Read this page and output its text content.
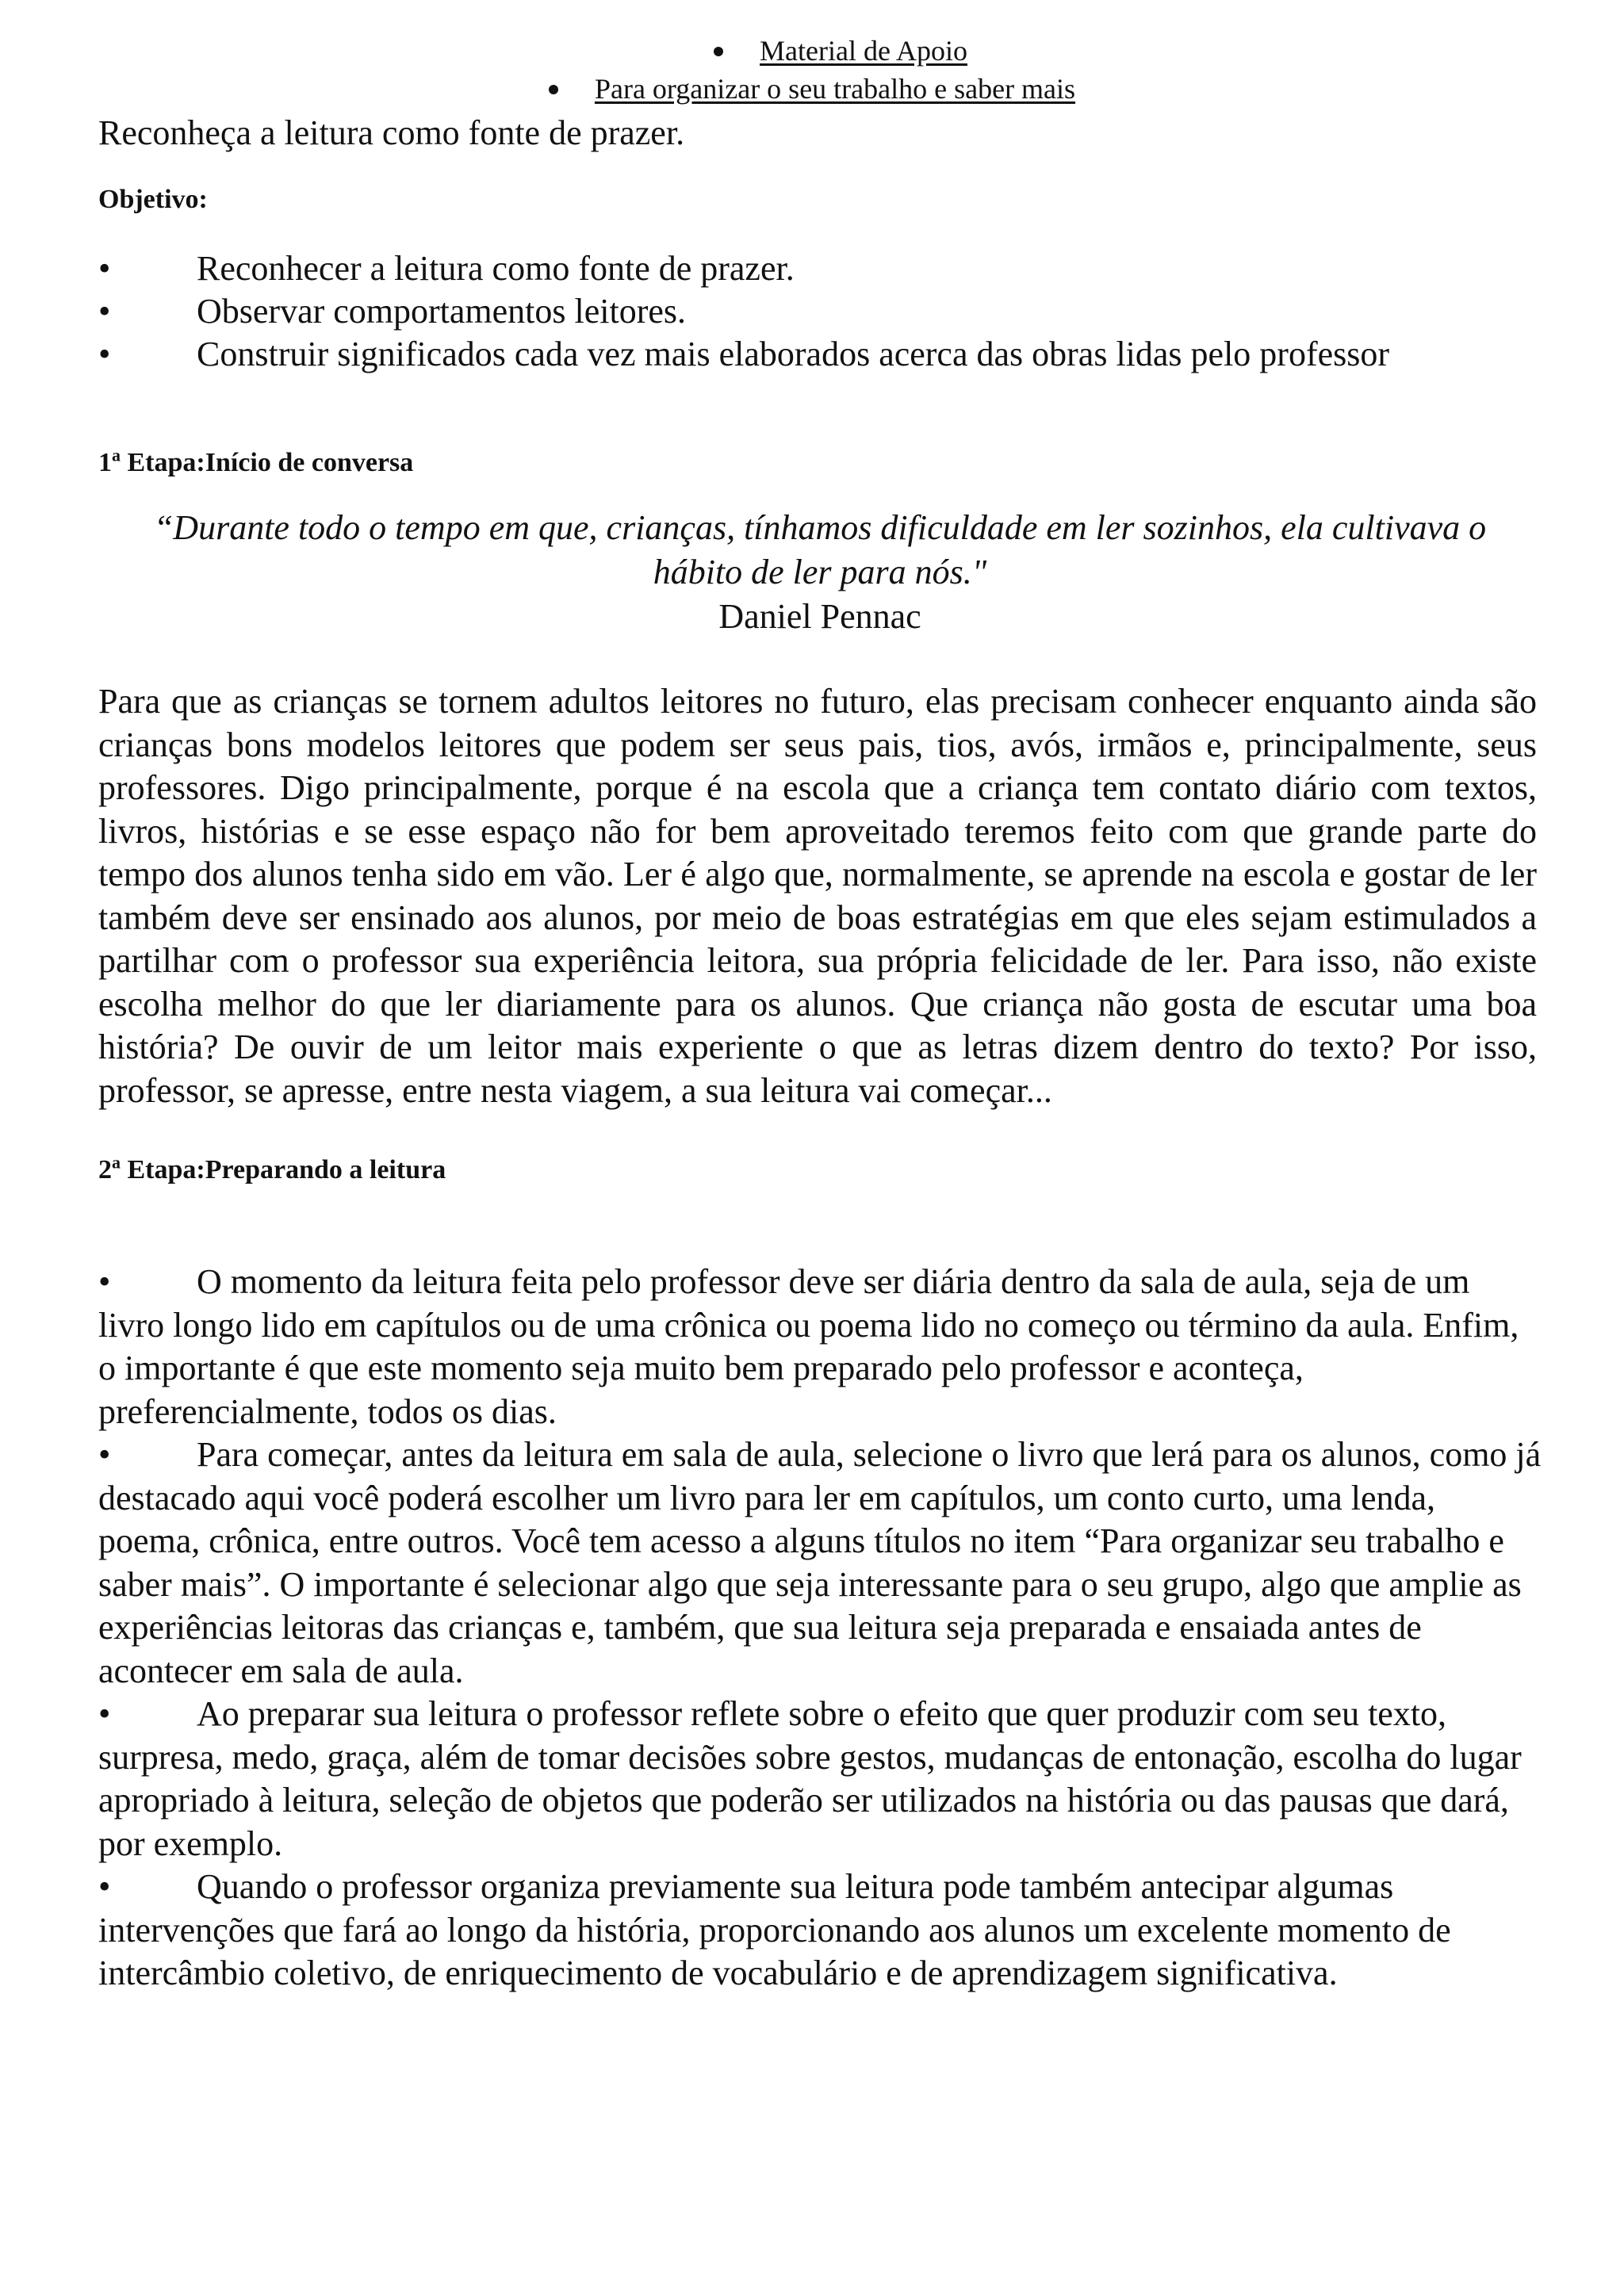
Material de Apoio
Para organizar o seu trabalho e saber mais
Reconheça a leitura como fonte de prazer.
Objetivo:
• Reconhecer a leitura como fonte de prazer.
• Observar comportamentos leitores.
• Construir significados cada vez mais elaborados acerca das obras lidas pelo professor
1$^a$ Etapa:Início de conversa

“Durante todo o tempo em que, crianças, tínhamos dificuldade em ler sozinhos, ela cultivava o

hábito de ler para nós."

Daniel Pennac

Para que as crianças se tornem adultos leitores no futuro, elas precisam conhecer enquanto ainda são crianças bons modelos leitores que podem ser seus pais, tios, avós, irmãos e, principalmente, seus professores. Digo principalmente, porque é na escola que a criança tem contato diário com textos, livros, histórias e se esse espaço não for bem aproveitado teremos feito com que grande parte do tempo dos alunos tenha sido em vão. Ler é algo que, normalmente, se aprende na escola e gostar de ler também deve ser ensinado aos alunos, por meio de boas estratégias em que eles sejam estimulados a partilhar com o professor sua experiência leitora, sua própria felicidade de ler. Para isso, não existe escolha melhor do que ler diariamente para os alunos. Que criança não gosta de escutar uma boa história? De ouvir de um leitor mais experiente o que as letras dizem dentro do texto? Por isso, professor, se apresse, entre nesta viagem, a sua leitura vai começar...

2$^a$ Etapa:Preparando a leitura
• O momento da leitura feita pelo professor deve ser diária dentro da sala de aula, seja de um livro longo lido em capítulos ou de uma crônica ou poema lido no começo ou término da aula. Enfim, o importante é que este momento seja muito bem preparado pelo professor e aconteça, preferencialmente, todos os dias.
• Para começar, antes da leitura em sala de aula, selecione o livro que lerá para os alunos, como já destacado aqui você poderá escolher um livro para ler em capítulos, um conto curto, uma lenda, poema, crônica, entre outros. Você tem acesso a alguns títulos no item “Para organizar seu trabalho e saber mais”. O importante é selecionar algo que seja interessante para o seu grupo, algo que amplie as experiências leitoras das crianças e, também, que sua leitura seja preparada e ensaiada antes de acontecer em sala de aula.
• Ao preparar sua leitura o professor reflete sobre o efeito que quer produzir com seu texto, surpresa, medo, graça, além de tomar decisões sobre gestos, mudanças de entonação, escolha do lugar apropriado à leitura, seleção de objetos que poderão ser utilizados na história ou das pausas que dará, por exemplo.
• Quando o professor organiza previamente sua leitura pode também antecipar algumas intervenções que fará ao longo da história, proporcionando aos alunos um excelente momento de intercâmbio coletivo, de enriquecimento de vocabulário e de aprendizagem significativa.
